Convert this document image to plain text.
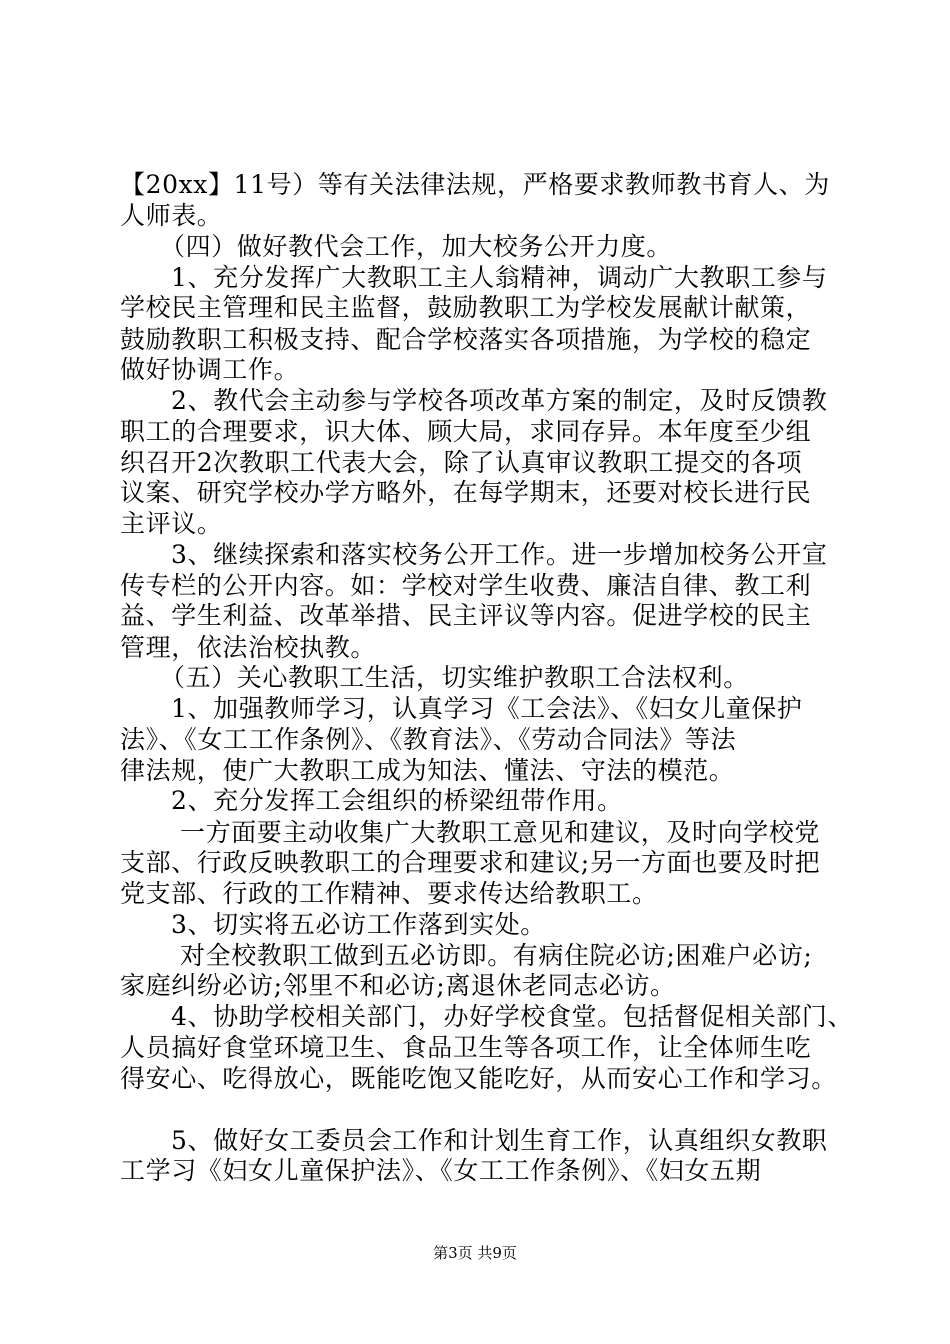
【20xx】11号）等有关法律法规，严格要求教师教书育人、为
人师表。
（四）做好教代会工作，加大校务公开力度。
1、充分发挥广大教职工主人翁精神，调动广大教职工参与
学校民主管理和民主监督，鼓励教职工为学校发展献计献策，
鼓励教职工积极支持、配合学校落实各项措施，为学校的稳定
做好协调工作。
2、教代会主动参与学校各项改革方案的制定，及时反馈教
职工的合理要求，识大体、顾大局，求同存异。本年度至少组
织召开2次教职工代表大会，除了认真审议教职工提交的各项
议案、研究学校办学方略外，在每学期末，还要对校长进行民
主评议。
3、继续探索和落实校务公开工作。进一步增加校务公开宣
传专栏的公开内容。如：学校对学生收费、廉洁自律、教工利
益、学生利益、改革举措、民主评议等内容。促进学校的民主
管理，依法治校执教。
（五）关心教职工生活，切实维护教职工合法权利。
1、加强教师学习，认真学习《工会法》、《妇女儿童保护
法》、《女工工作条例》、《教育法》、《劳动合同法》等法
律法规，使广大教职工成为知法、懂法、守法的模范。
2、充分发挥工会组织的桥梁纽带作用。
一方面要主动收集广大教职工意见和建议，及时向学校党
支部、行政反映教职工的合理要求和建议;另一方面也要及时把
党支部、行政的工作精神、要求传达给教职工。
3、切实将五必访工作落到实处。
对全校教职工做到五必访即。有病住院必访;困难户必访;
家庭纠纷必访;邻里不和必访;离退休老同志必访。
4、协助学校相关部门，办好学校食堂。包括督促相关部门、
人员搞好食堂环境卫生、食品卫生等各项工作，让全体师生吃
得安心、吃得放心，既能吃饱又能吃好，从而安心工作和学习。
5、做好女工委员会工作和计划生育工作，认真组织女教职
工学习《妇女儿童保护法》、《女工工作条例》、《妇女五期
第3页 共9页
